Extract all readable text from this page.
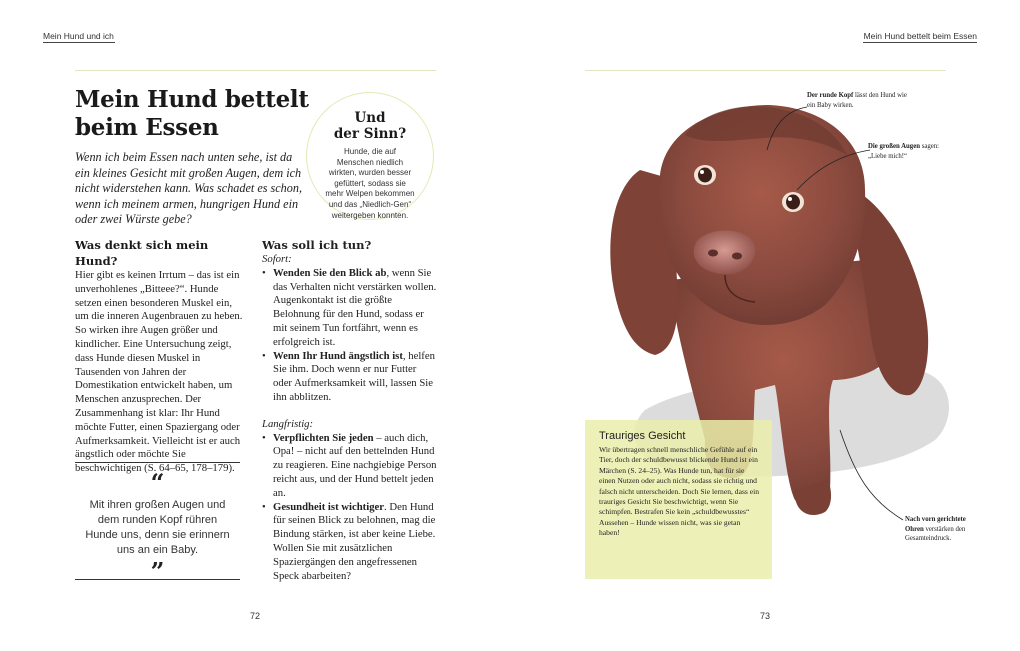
Mein Hund und ich	Mein Hund bettelt beim Essen
Mein Hund bettelt
beim Essen
Wenn ich beim Essen nach unten sehe, ist da ein kleines Gesicht mit großen Augen, dem ich nicht widerstehen kann. Was schadet es schon, wenn ich meinem armen, hungrigen Hund ein oder zwei Würste gebe?
Und
der Sinn?
Hunde, die auf Menschen niedlich wirkten, wurden besser gefüttert, sodass sie mehr Welpen bekommen und das „Niedlich-Gen“ weitergeben konnten.
Was denkt sich mein Hund?
Hier gibt es keinen Irrtum – das ist ein unverhohlenes „Bitteee?“. Hunde setzen einen besonderen Muskel ein, um die inneren Augenbrauen zu heben. So wirken ihre Augen größer und kindlicher. Eine Untersuchung zeigt, dass Hunde diesen Muskel in Tausenden von Jahren der Domestikation entwickelt haben, um Menschen anzusprechen. Der Zusammenhang ist klar: Ihr Hund möchte Futter, einen Spaziergang oder Aufmerksamkeit. Vielleicht ist er auch ängstlich oder möchte Sie beschwichtigen (S. 64–65, 178–179).
“
Mit ihren großen Augen und dem runden Kopf rühren Hunde uns, denn sie erinnern uns an ein Baby.
”
Was soll ich tun?

Sofort:

• Wenden Sie den Blick ab, wenn Sie das Verhalten nicht verstärken wollen. Augenkontakt ist die größte Belohnung für den Hund, sodass er mit seinem Tun fortfährt, wenn es erfolgreich ist.
• Wenn Ihr Hund ängstlich ist, helfen Sie ihm. Doch wenn er nur Futter oder Aufmerksamkeit will, lassen Sie ihn abblitzen.

Langfristig:

• Verpflichten Sie jeden – auch dich, Opa! – nicht auf den bettelnden Hund zu reagieren. Eine nachgiebige Person reicht aus, und der Hund bettelt jeden an.
• Gesundheit ist wichtiger. Den Hund für seinen Blick zu belohnen, mag die Bindung stärken, ist aber keine Liebe. Wollen Sie mit zusätzlichen Spaziergängen den angefressenen Speck abarbeiten?
Der runde Kopf lässt den Hund wie ein Baby wirken.
Die großen Augen sagen: „Liebe mich!“
Nach vorn gerichtete Ohren verstärken den Gesamteindruck.
Trauriges Gesicht
Wir übertragen schnell menschliche Gefühle auf ein Tier, doch der schuldbewusst blickende Hund ist ein Märchen (S. 24–25). Was Hunde tun, hat für sie einen Nutzen oder auch nicht, sodass sie richtig und falsch nicht unterscheiden. Doch Sie lernen, dass ein trauriges Gesicht Sie beschwichtigt, wenn Sie schimpfen. Bestrafen Sie kein „schuldbewusstes“ Aussehen – Hunde wissen nicht, was sie getan haben!
72	73
